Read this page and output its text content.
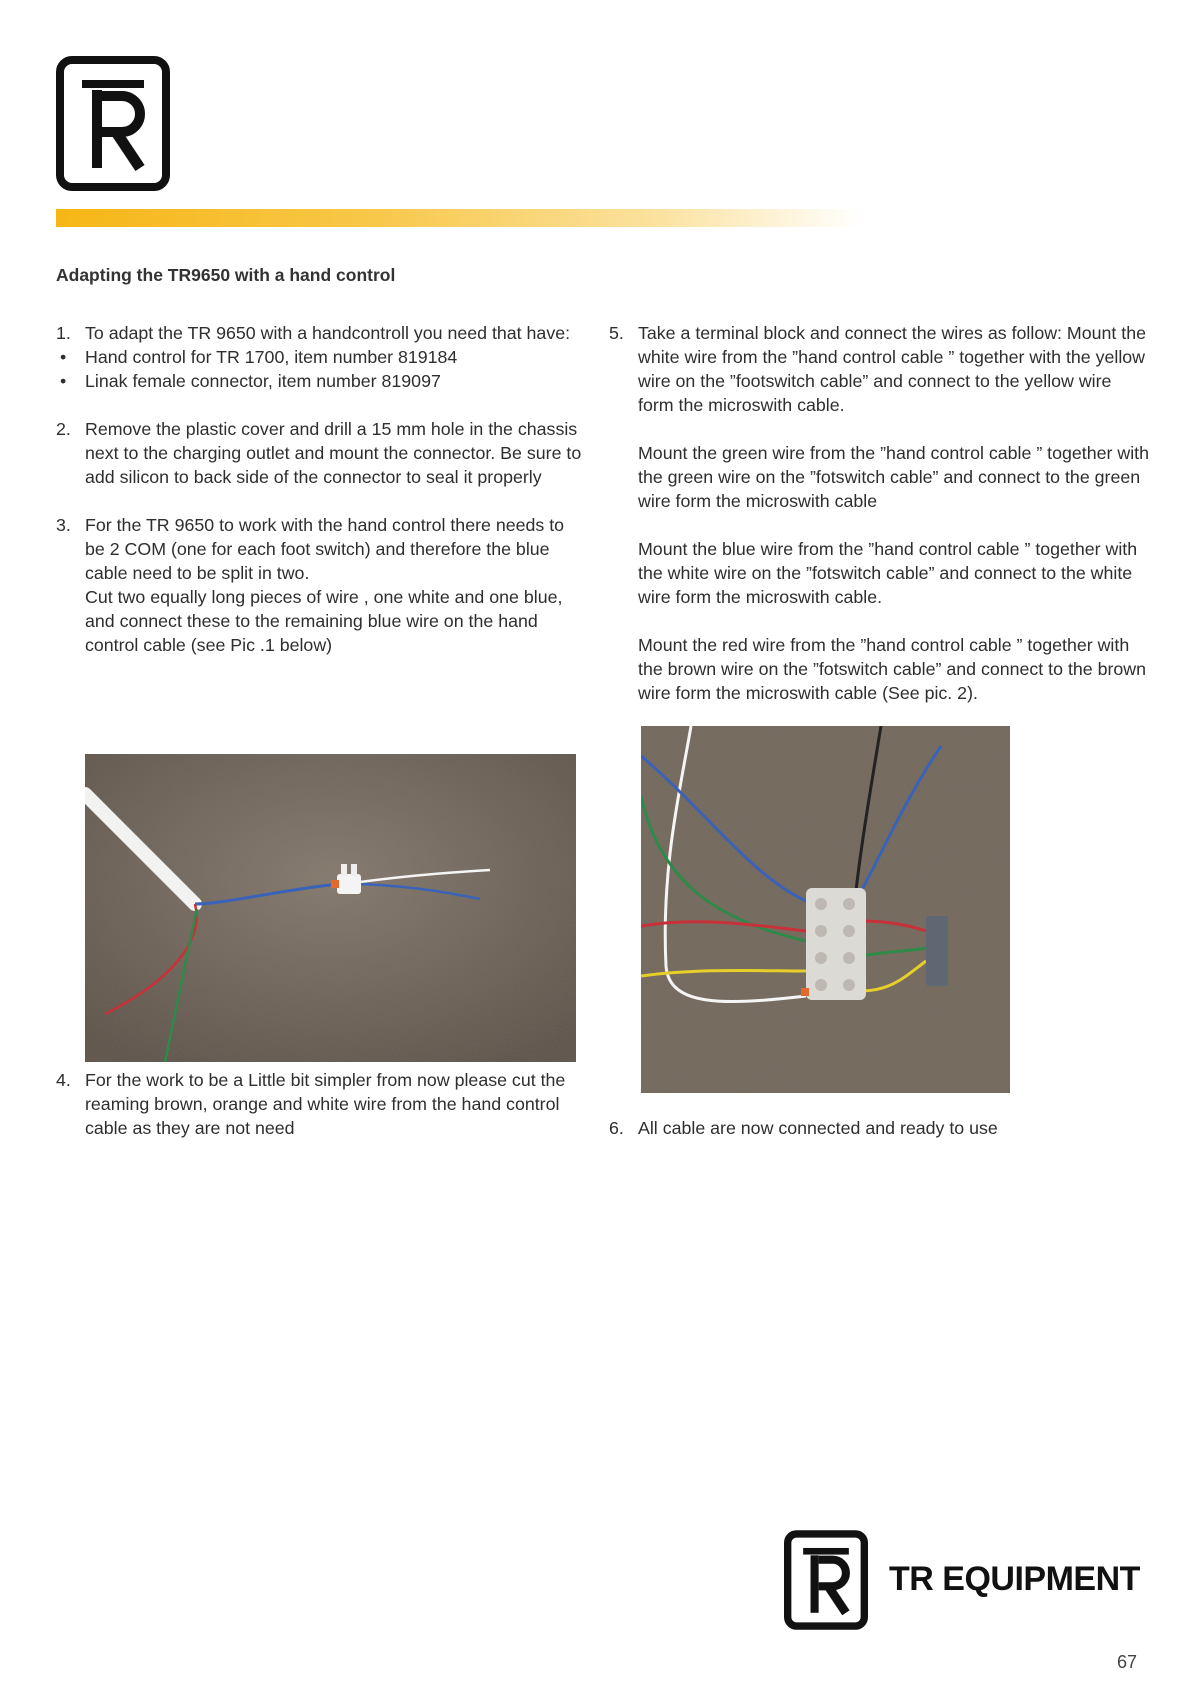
Adapting the TR9650 with a hand control
1. To adapt the TR 9650 with a handcontroll you need that have:
• Hand control for TR 1700, item number 819184
• Linak female connector, item number 819097
2. Remove the plastic cover and drill a 15 mm hole in the chassis next to the charging outlet and mount the connector. Be sure to add silicon to back side of the connector to seal it properly
3. For the TR 9650 to work with the hand control there needs to be 2 COM (one for each foot switch) and therefore the blue cable need to be split in two.
Cut two equally long pieces of wire , one white and one blue, and connect these to the remaining blue wire on the hand control cable (see Pic .1 below)
5. Take a terminal block and connect the wires as follow: Mount the white wire from the ”hand control cable ” together with the yellow wire on the ”footswitch cable” and connect to the yellow wire form the microswith cable.
Mount the green wire from the ”hand control cable ” together with the green wire on the ”fotswitch cable” and connect to the green wire form the microswith cable
Mount the blue wire from the ”hand control cable ” together with the white wire on the ”fotswitch cable” and connect to the white wire form the microswith cable.
Mount the red wire from the ”hand control cable ” together with the brown wire on the ”fotswitch cable” and connect to the brown wire form the microswith cable (See pic. 2).
4. For the work to be a Little bit simpler from now please cut the reaming brown, orange and white wire from the hand control cable as they are not need	6. All cable are now connected and ready to use
TR EQUIPMENT
67
